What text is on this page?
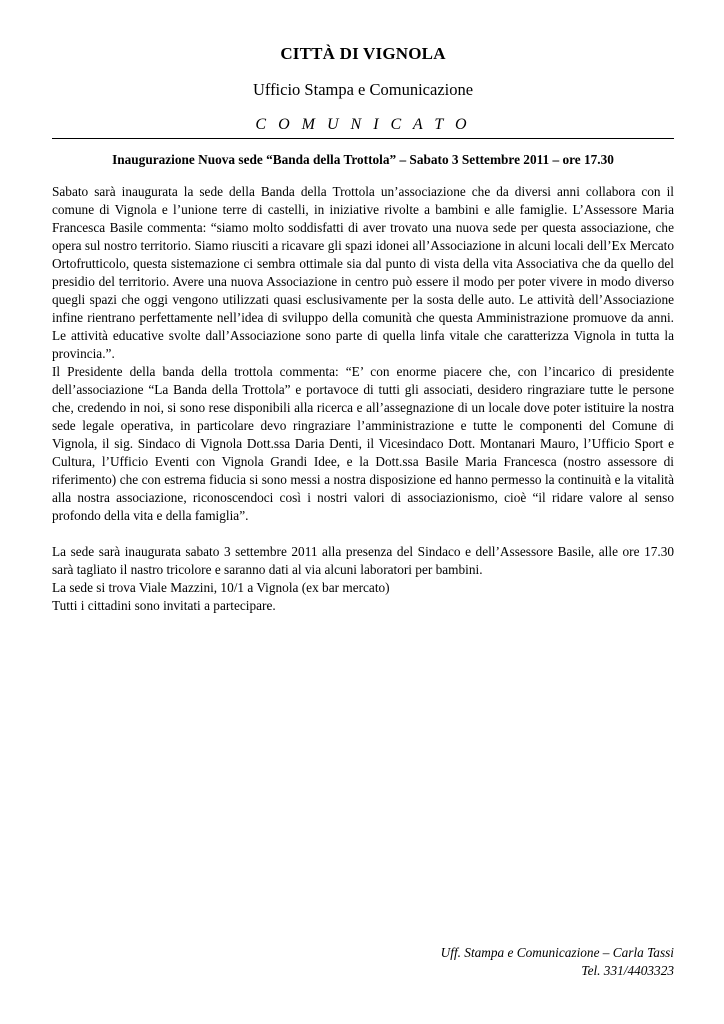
CITTÀ DI VIGNOLA
Ufficio Stampa e Comunicazione
C O M U N I C A T O
Inaugurazione Nuova sede “Banda della Trottola” – Sabato 3 Settembre 2011 – ore 17.30

Sabato sarà inaugurata la sede della Banda della Trottola un’associazione che da diversi anni collabora con il comune di Vignola e l’unione terre di castelli, in iniziative rivolte a bambini e alle famiglie. L’Assessore Maria Francesca Basile commenta: “siamo molto soddisfatti di aver trovato una nuova sede per questa associazione, che opera sul nostro territorio. Siamo riusciti a ricavare gli spazi idonei all’Associazione in alcuni locali dell’Ex Mercato Ortofrutticolo, questa sistemazione ci sembra ottimale sia dal punto di vista della vita Associativa che da quello del presidio del territorio. Avere una nuova Associazione in centro può essere il modo per poter vivere in modo diverso quegli spazi che oggi vengono utilizzati quasi esclusivamente per la sosta delle auto. Le attività dell’Associazione infine rientrano perfettamente nell’idea di sviluppo della comunità che questa Amministrazione promuove da anni. Le attività educative svolte dall’Associazione sono parte di quella linfa vitale che caratterizza Vignola in tutta la provincia.”.

Il Presidente della banda della trottola commenta: “E’ con enorme piacere che, con l’incarico di presidente dell’associazione “La Banda della Trottola” e portavoce di tutti gli associati, desidero ringraziare tutte le persone che, credendo in noi, si sono rese disponibili alla ricerca e all’assegnazione di un locale dove poter istituire la nostra sede legale operativa, in particolare devo ringraziare l’amministrazione e tutte le componenti del Comune di Vignola, il sig. Sindaco di Vignola Dott.ssa Daria Denti, il Vicesindaco Dott. Montanari Mauro, l’Ufficio Sport e Cultura, l’Ufficio Eventi con Vignola Grandi Idee, e la Dott.ssa Basile Maria Francesca (nostro assessore di riferimento) che con estrema fiducia si sono messi a nostra disposizione ed hanno permesso la continuità e la vitalità alla nostra associazione, riconoscendoci così i nostri valori di associazionismo, cioè “il ridare valore al senso profondo della vita e della famiglia”.

La sede sarà inaugurata sabato 3 settembre 2011 alla presenza del Sindaco e dell’Assessore Basile, alle ore 17.30 sarà tagliato il nastro tricolore e saranno dati al via alcuni laboratori per bambini.

La sede si trova Viale Mazzini, 10/1 a Vignola (ex bar mercato)

Tutti i cittadini sono invitati a partecipare.

Uff. Stampa e Comunicazione – Carla Tassi
Tel. 331/4403323
